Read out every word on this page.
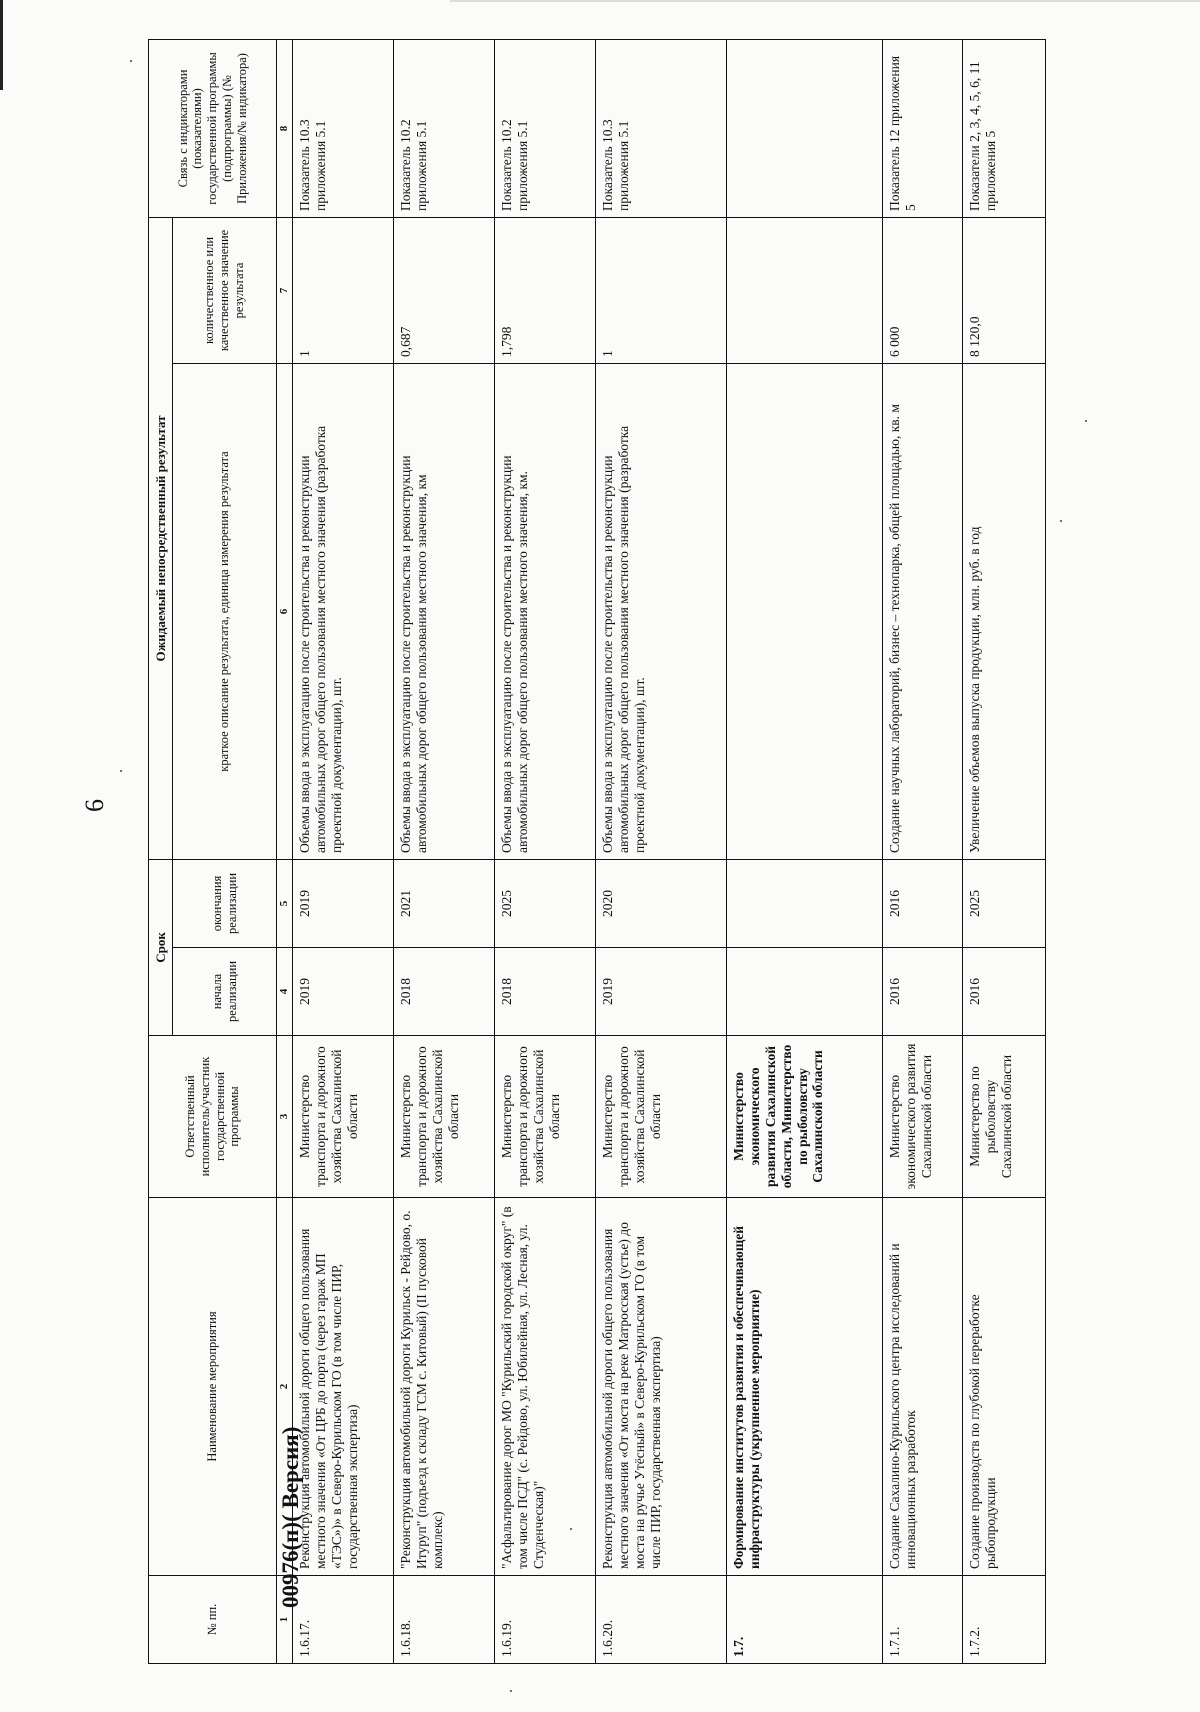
6
№ пп.	Наименование мероприятия	Ответственный исполнитель/участник государственной программы	Срок		Ожидаемый непосредственный результат		Связь с индикаторами (показателями) государственной программы (подпрограммы) (№ Приложения/№ индикатора)
			начала реализации	окончания реализации	краткое описание результата, единица измерения результата	количественное или качественное значение результата	
1	2	3	4	5	6	7	8
1.6.17.	Реконструкция автомобильной дороги общего пользования местного значения «От ЦРБ до порта (через гараж МП «ТЭС»)» в Северо-Курильском ГО (в том числе ПИР, государственная экспертиза)	Министерство транспорта и дорожного хозяйства Сахалинской области	2019	2019	Объемы ввода в эксплуатацию после строительства и реконструкции автомобильных дорог общего пользования местного значения (разработка проектной документации), шт.	1	Показатель 10.3 приложения 5.1
1.6.18.	"Реконструкция автомобильной дороги Курильск - Рейдово, о. Итуруп" (подъезд к складу ГСМ с. Китовый) (II пусковой комплекс)	Министерство транспорта и дорожного хозяйства Сахалинской области	2018	2021	Объемы ввода в эксплуатацию после строительства и реконструкции автомобильных дорог общего пользования местного значения, км	0,687	Показатель 10.2 приложения 5.1
1.6.19.	"Асфальтирование дорог МО "Курильский городской округ" (в том числе ПСД" (с. Рейдово, ул. Юбилейная, ул. Лесная, ул. Студенческая)"	Министерство транспорта и дорожного хозяйства Сахалинской области	2018	2025	Объемы ввода в эксплуатацию после строительства и реконструкции автомобильных дорог общего пользования местного значения, км.	1,798	Показатель 10.2 приложения 5.1
1.6.20.	Реконструкция автомобильной дороги общего пользования местного значения «От моста на реке Матросская (устье) до моста на ручье Утёсный» в Северо-Курильском ГО (в том числе ПИР, государственная экспертиза)	Министерство транспорта и дорожного хозяйства Сахалинской области	2019	2020	Объемы ввода в эксплуатацию после строительства и реконструкции автомобильных дорог общего пользования местного значения (разработка проектной документации), шт.	1	Показатель 10.3 приложения 5.1
1.7.	Формирование институтов развития и обеспечивающей инфраструктуры (укрупненное мероприятие)	Министерство экономического развития Сахалинской области, Министерство по рыболовству Сахалинской области					
1.7.1.	Создание Сахалино-Курильского центра исследований и инновационных разработок	Министерство экономического развития Сахалинской области	2016	2016	Создание научных лабораторий, бизнес – технопарка, общей площадью, кв. м	6 000	Показатель 12 приложения 5
1.7.2.	Создание производств по глубокой переработке рыбопродукции	Министерство по рыболовству Сахалинской области	2016	2025	Увеличение объемов выпуска продукции, млн. руб. в год	8 120,0	Показатели 2, 3, 4, 5, 6, 11 приложения 5
00976(п)( Версия)
